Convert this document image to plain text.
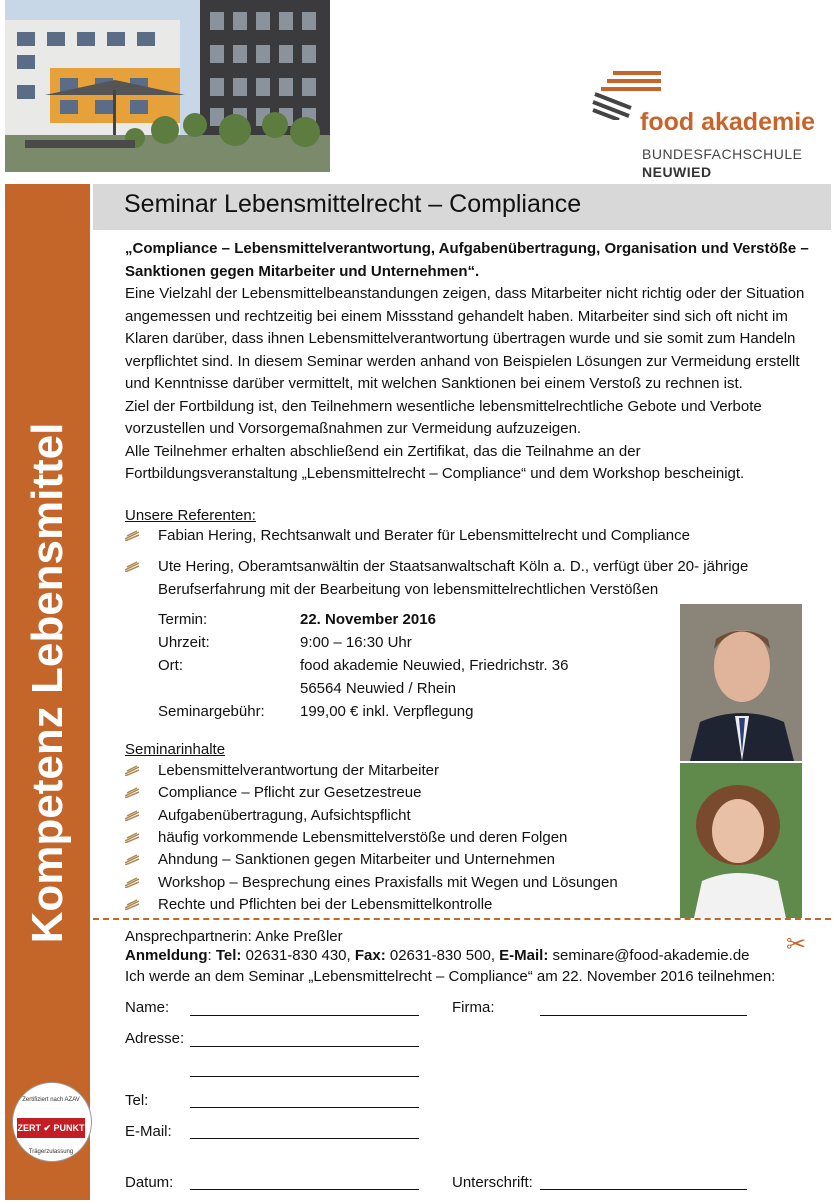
food akademie
BUNDESFACHSCHULE
NEUWIED
Kompetenz Lebensmittel
Zertifiziert nach AZAV
ZERT ✔ PUNKT
Trägerzulassung
Seminar Lebensmittelrecht – Compliance
„Compliance – Lebensmittelverantwortung, Aufgabenübertragung, Organisation und Verstöße – Sanktionen gegen Mitarbeiter und Unternehmen“.
Eine Vielzahl der Lebensmittelbeanstandungen zeigen, dass Mitarbeiter nicht richtig oder der Situation angemessen und rechtzeitig bei einem Missstand gehandelt haben. Mitarbeiter sind sich oft nicht im Klaren darüber, dass ihnen Lebensmittelverantwortung übertragen wurde und sie somit zum Handeln verpflichtet sind. In diesem Seminar werden anhand von Beispielen Lösungen zur Vermeidung erstellt und Kenntnisse darüber vermittelt, mit welchen Sanktionen bei einem Verstoß zu rechnen ist.
Ziel der Fortbildung ist, den Teilnehmern wesentliche lebensmittelrechtliche Gebote und Verbote vorzustellen und Vorsorgemaßnahmen zur Vermeidung aufzuzeigen.
Alle Teilnehmer erhalten abschließend ein Zertifikat, das die Teilnahme an der Fortbildungsveranstaltung „Lebensmittelrecht – Compliance“ und dem Workshop bescheinigt.
Unsere Referenten:
Fabian Hering, Rechtsanwalt und Berater für Lebensmittelrecht und Compliance
Ute Hering, Oberamtsanwältin der Staatsanwaltschaft Köln a. D., verfügt über 20- jährige
Berufserfahrung mit der Bearbeitung von lebensmittelrechtlichen Verstößen
Termin:	22. November 2016
Uhrzeit:	9:00 – 16:30 Uhr
Ort:	food akademie Neuwied, Friedrichstr. 36
56564 Neuwied / Rhein
Seminargebühr: 199,00 € inkl. Verpflegung
Seminarinhalte
Lebensmittelverantwortung der Mitarbeiter
Compliance – Pflicht zur Gesetzestreue
Aufgabenübertragung, Aufsichtspflicht
häufig vorkommende Lebensmittelverstöße und deren Folgen
Ahndung – Sanktionen gegen Mitarbeiter und Unternehmen
Workshop – Besprechung eines Praxisfalls mit Wegen und Lösungen
Rechte und Pflichten bei der Lebensmittelkontrolle
✂
Ansprechpartnerin: Anke Preßler
Anmeldung: Tel: 02631-830 430, Fax: 02631-830 500, E-Mail: seminare@food-akademie.de
Ich werde an dem Seminar „Lebensmittelrecht – Compliance“ am 22. November 2016 teilnehmen:
Name:	Firma:
Adresse:
Tel:
E-Mail:
Datum:	Unterschrift:
